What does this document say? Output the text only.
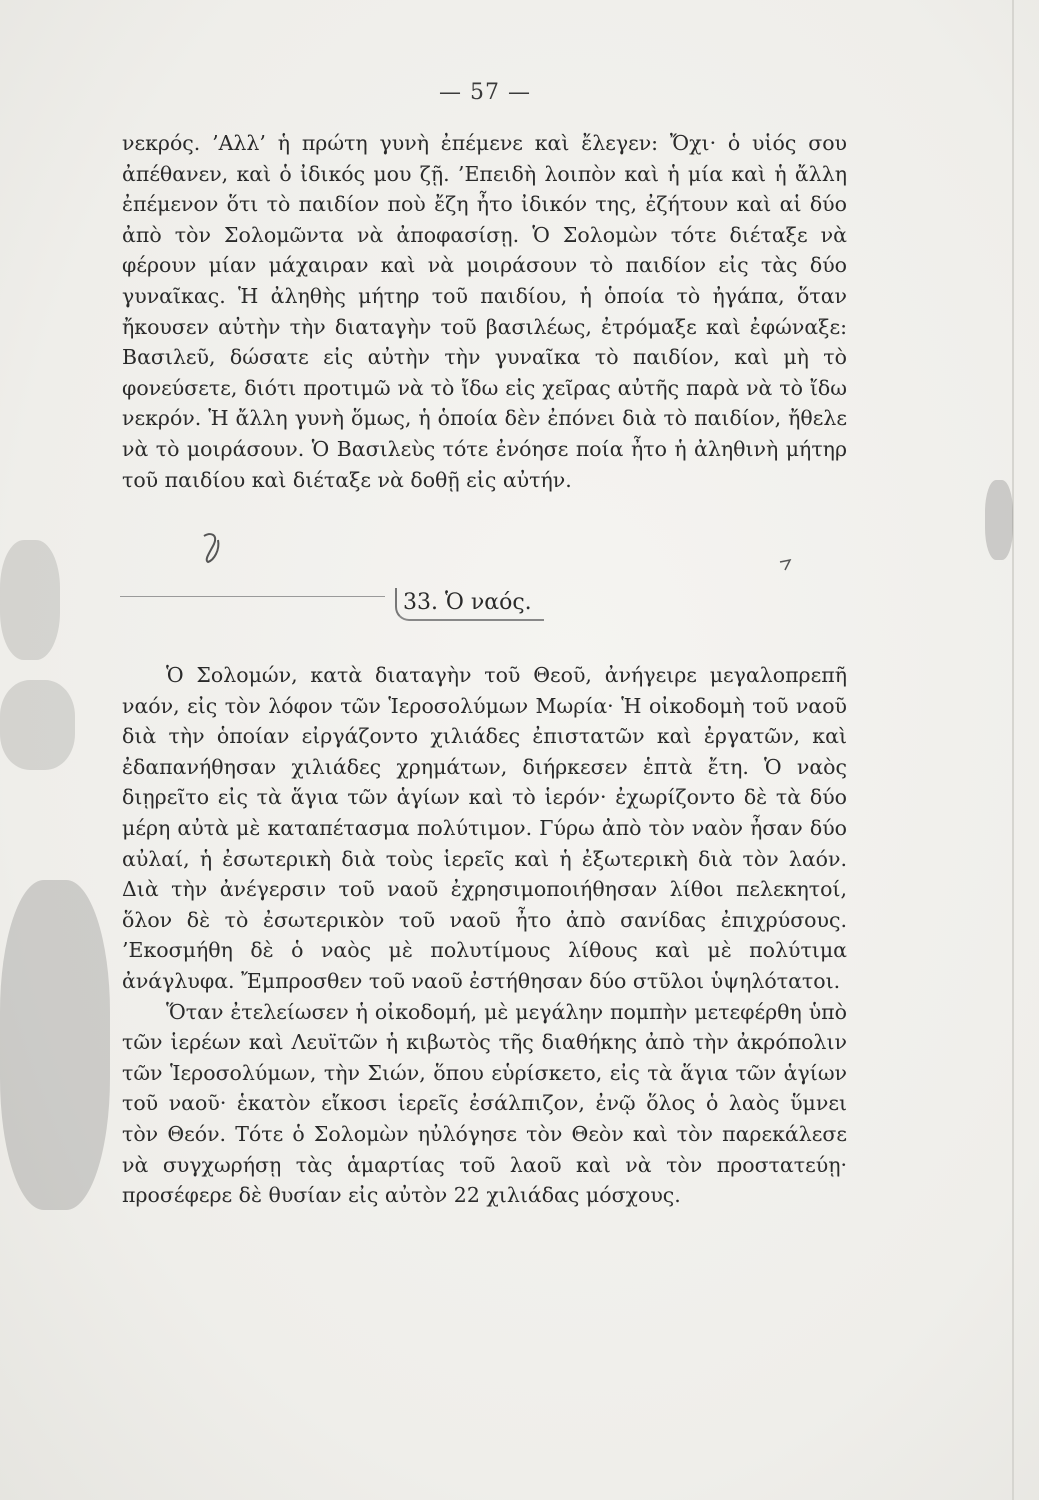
— 57 —

νεκρός. ’Αλλ’ ἡ πρώτη γυνὴ ἐπέμενε καὶ ἔλεγεν: Ὄχι· ὁ υἱός σου ἀπέθανεν, καὶ ὁ ἰδικός μου ζῇ. ’Επειδὴ λοιπὸν καὶ ἡ μία καὶ ἡ ἄλλη ἐπέμενον ὅτι τὸ παιδίον ποὺ ἔζη ἦτο ἰδικόν της, ἐζήτουν καὶ αἱ δύο ἀπὸ τὸν Σολομῶντα νὰ ἀποφασίσῃ. Ὁ Σολομὼν τότε διέταξε νὰ φέρουν μίαν μάχαιραν καὶ νὰ μοιράσουν τὸ παιδίον εἰς τὰς δύο γυναῖκας. Ἡ ἀληθὴς μήτηρ τοῦ παιδίου, ἡ ὁποία τὸ ἠγάπα, ὅταν ἤκουσεν αὐτὴν τὴν διαταγὴν τοῦ βασιλέως, ἐτρόμαξε καὶ ἐφώναξε: Βασιλεῦ, δώσατε εἰς αὐτὴν τὴν γυναῖκα τὸ παιδίον, καὶ μὴ τὸ φονεύσετε, διότι προτιμῶ νὰ τὸ ἴδω εἰς χεῖρας αὐτῆς παρὰ νὰ τὸ ἴδω νεκρόν. Ἡ ἄλλη γυνὴ ὅμως, ἡ ὁποία δὲν ἐπόνει διὰ τὸ παιδίον, ἤθελε νὰ τὸ μοιράσουν. Ὁ Βασιλεὺς τότε ἐνόησε ποία ἦτο ἡ ἀληθινὴ μήτηρ τοῦ παιδίου καὶ διέταξε νὰ δοθῇ εἰς αὐτήν.

33. Ὁ ναός.

Ὁ Σολομών, κατὰ διαταγὴν τοῦ Θεοῦ, ἀνήγειρε μεγαλοπρεπῆ ναόν, εἰς τὸν λόφον τῶν Ἱεροσολύμων Μωρία· Ἡ οἰκοδομὴ τοῦ ναοῦ διὰ τὴν ὁποίαν εἰργάζοντο χιλιάδες ἐπιστατῶν καὶ ἐργατῶν, καὶ ἐδαπανήθησαν χιλιάδες χρημάτων, διήρκεσεν ἑπτὰ ἔτη. Ὁ ναὸς διῃρεῖτο εἰς τὰ ἅγια τῶν ἁγίων καὶ τὸ ἱερόν· ἐχωρίζοντο δὲ τὰ δύο μέρη αὐτὰ μὲ καταπέτασμα πολύτιμον. Γύρω ἀπὸ τὸν ναὸν ἦσαν δύο αὐλαί, ἡ ἐσωτερικὴ διὰ τοὺς ἱερεῖς καὶ ἡ ἐξωτερικὴ διὰ τὸν λαόν. Διὰ τὴν ἀνέγερσιν τοῦ ναοῦ ἐχρησιμοποιήθησαν λίθοι πελεκητοί, ὅλον δὲ τὸ ἐσωτερικὸν τοῦ ναοῦ ἦτο ἀπὸ σανίδας ἐπιχρύσους. ’Εκοσμήθη δὲ ὁ ναὸς μὲ πολυτίμους λίθους καὶ μὲ πολύτιμα ἀνάγλυφα. Ἔμπροσθεν τοῦ ναοῦ ἐστήθησαν δύο στῦλοι ὑψηλότατοι.

Ὅταν ἐτελείωσεν ἡ οἰκοδομή, μὲ μεγάλην πομπὴν μετεφέρθη ὑπὸ τῶν ἱερέων καὶ Λευϊτῶν ἡ κιβωτὸς τῆς διαθήκης ἀπὸ τὴν ἀκρόπολιν τῶν Ἱεροσολύμων, τὴν Σιών, ὅπου εὑρίσκετο, εἰς τὰ ἅγια τῶν ἁγίων τοῦ ναοῦ· ἑκατὸν εἴκοσι ἱερεῖς ἐσάλπιζον, ἐνῷ ὅλος ὁ λαὸς ὕμνει τὸν Θεόν. Τότε ὁ Σολομὼν ηὐλόγησε τὸν Θεὸν καὶ τὸν παρεκάλεσε νὰ συγχωρήσῃ τὰς ἁμαρτίας τοῦ λαοῦ καὶ νὰ τὸν προστατεύῃ· προσέφερε δὲ θυσίαν εἰς αὐτὸν 22 χιλιάδας μόσχους.
